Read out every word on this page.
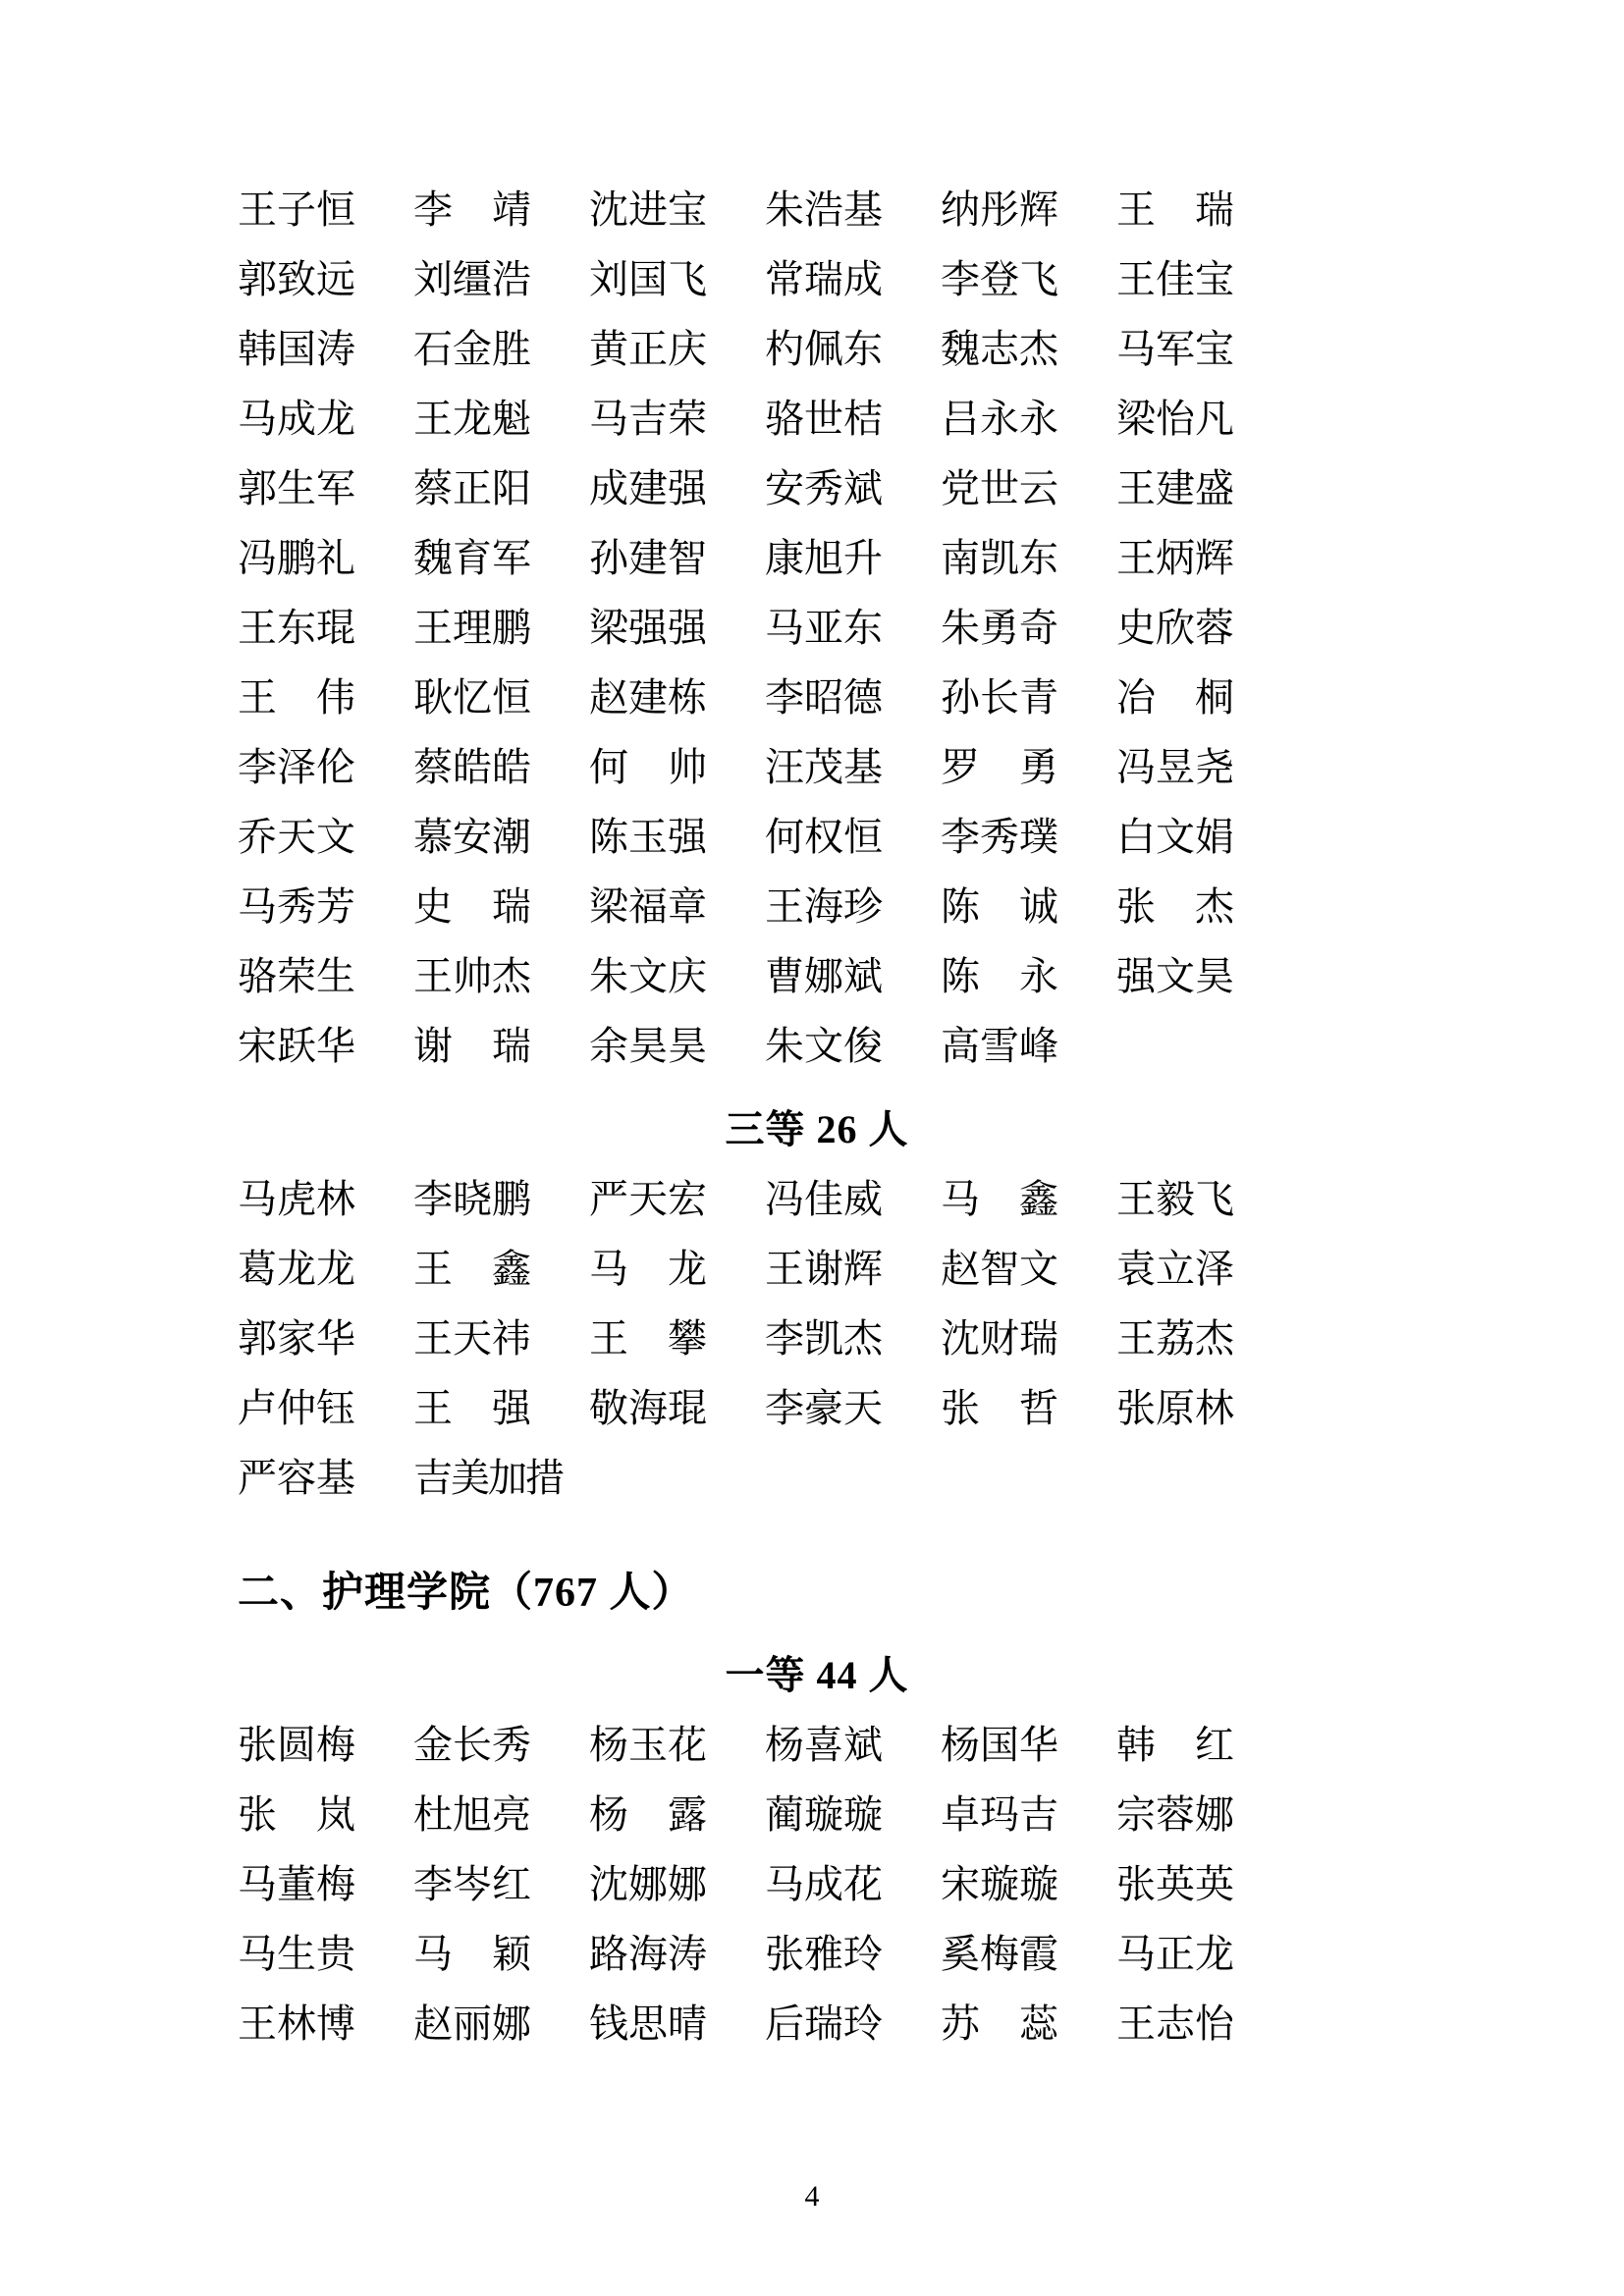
王子恒	李　靖	沈进宝	朱浩基	纳彤辉	王　瑞
郭致远	刘缰浩	刘国飞	常瑞成	李登飞	王佳宝
韩国涛	石金胜	黄正庆	杓佩东	魏志杰	马军宝
马成龙	王龙魁	马吉荣	骆世桔	吕永永	梁怡凡
郭生军	蔡正阳	成建强	安秀斌	党世云	王建盛
冯鹏礼	魏育军	孙建智	康旭升	南凯东	王炳辉
王东琨	王理鹏	梁强强	马亚东	朱勇奇	史欣蓉
王　伟	耿忆恒	赵建栋	李昭德	孙长青	冶　桐
李泽伦	蔡皓皓	何　帅	汪茂基	罗　勇	冯昱尧
乔天文	慕安潮	陈玉强	何权恒	李秀璞	白文娟
马秀芳	史　瑞	梁福章	王海珍	陈　诚	张　杰
骆荣生	王帅杰	朱文庆	曹娜斌	陈　永	强文昊
宋跃华	谢　瑞	余昊昊	朱文俊	高雪峰
三等 26 人
马虎林	李晓鹏	严天宏	冯佳威	马　鑫	王毅飞
葛龙龙	王　鑫	马　龙	王谢辉	赵智文	袁立泽
郭家华	王天祎	王　攀	李凯杰	沈财瑞	王荔杰
卢仲钰	王　强	敬海琨	李豪天	张　哲	张原林
严容基	吉美加措
二、护理学院（767 人）
一等 44 人
张圆梅	金长秀	杨玉花	杨喜斌	杨国华	韩　红
张　岚	杜旭亮	杨　露	蔺璇璇	卓玛吉	宗蓉娜
马董梅	李岑红	沈娜娜	马成花	宋璇璇	张英英
马生贵	马　颖	路海涛	张雅玲	奚梅霞	马正龙
王林博	赵丽娜	钱思晴	后瑞玲	苏　蕊	王志怡
4
